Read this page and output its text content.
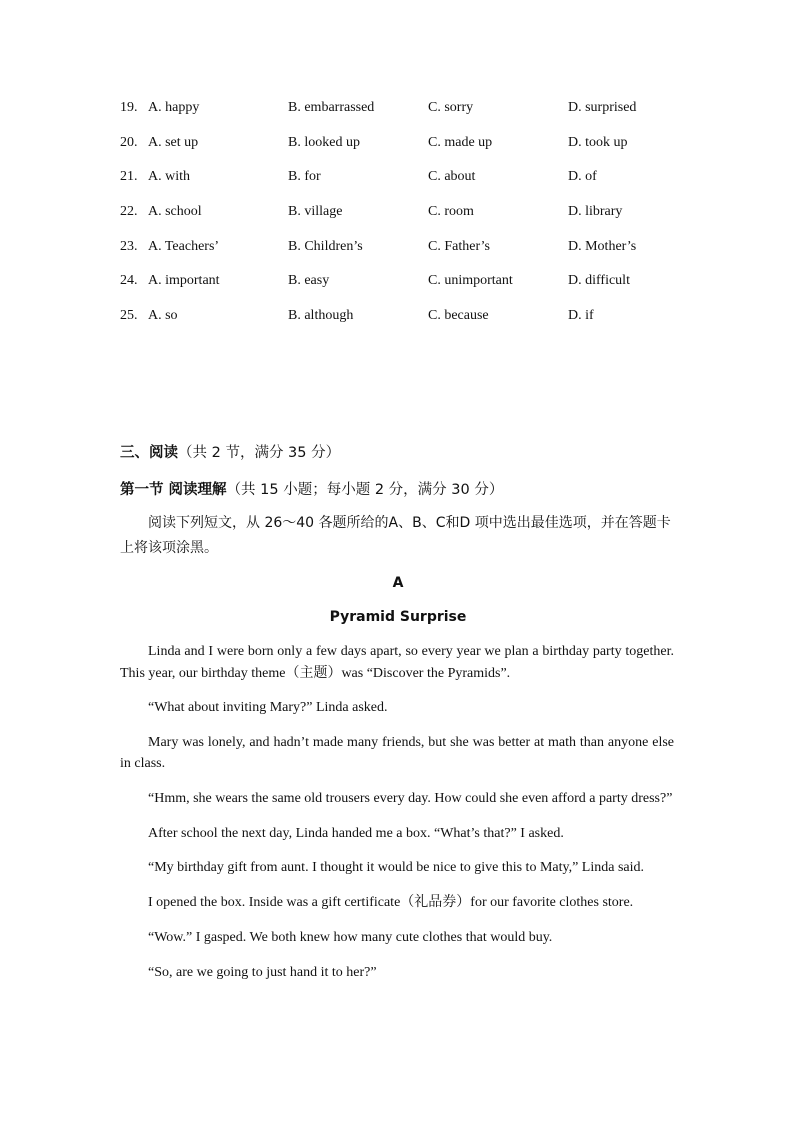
19. A. happy	B. embarrassed	C. sorry	D. surprised
20. A. set up	B. looked up	C. made up	D. took up
21. A. with	B. for	C. about	D. of
22. A. school	B. village	C. room	D. library
23. A. Teachers’	B. Children’s	C. Father’s	D. Mother’s
24. A. important	B. easy	C. unimportant	D. difficult
25. A. so	B. although	C. because	D. if
三、阅读（共 2 节，满分 35 分）
第一节 阅读理解（共 15 小题；每小题 2 分，满分 30 分）
阅读下列短文，从 26～40 各题所给的A、B、C和D 项中选出最佳选项，并在答题卡上将该项涂黑。
A
Pyramid Surprise

Linda and I were born only a few days apart, so every year we plan a birthday party together. This year, our birthday theme（主题）was “Discover the Pyramids”.

“What about inviting Mary?” Linda asked.

Mary was lonely, and hadn’t made many friends, but she was better at math than anyone else in class.

“Hmm, she wears the same old trousers every day. How could she even afford a party dress?”

After school the next day, Linda handed me a box. “What’s that?” I asked.

“My birthday gift from aunt. I thought it would be nice to give this to Maty,” Linda said.

I opened the box. Inside was a gift certificate（礼品券）for our favorite clothes store.

“Wow.” I gasped. We both knew how many cute clothes that would buy.

“So, are we going to just hand it to her?”
